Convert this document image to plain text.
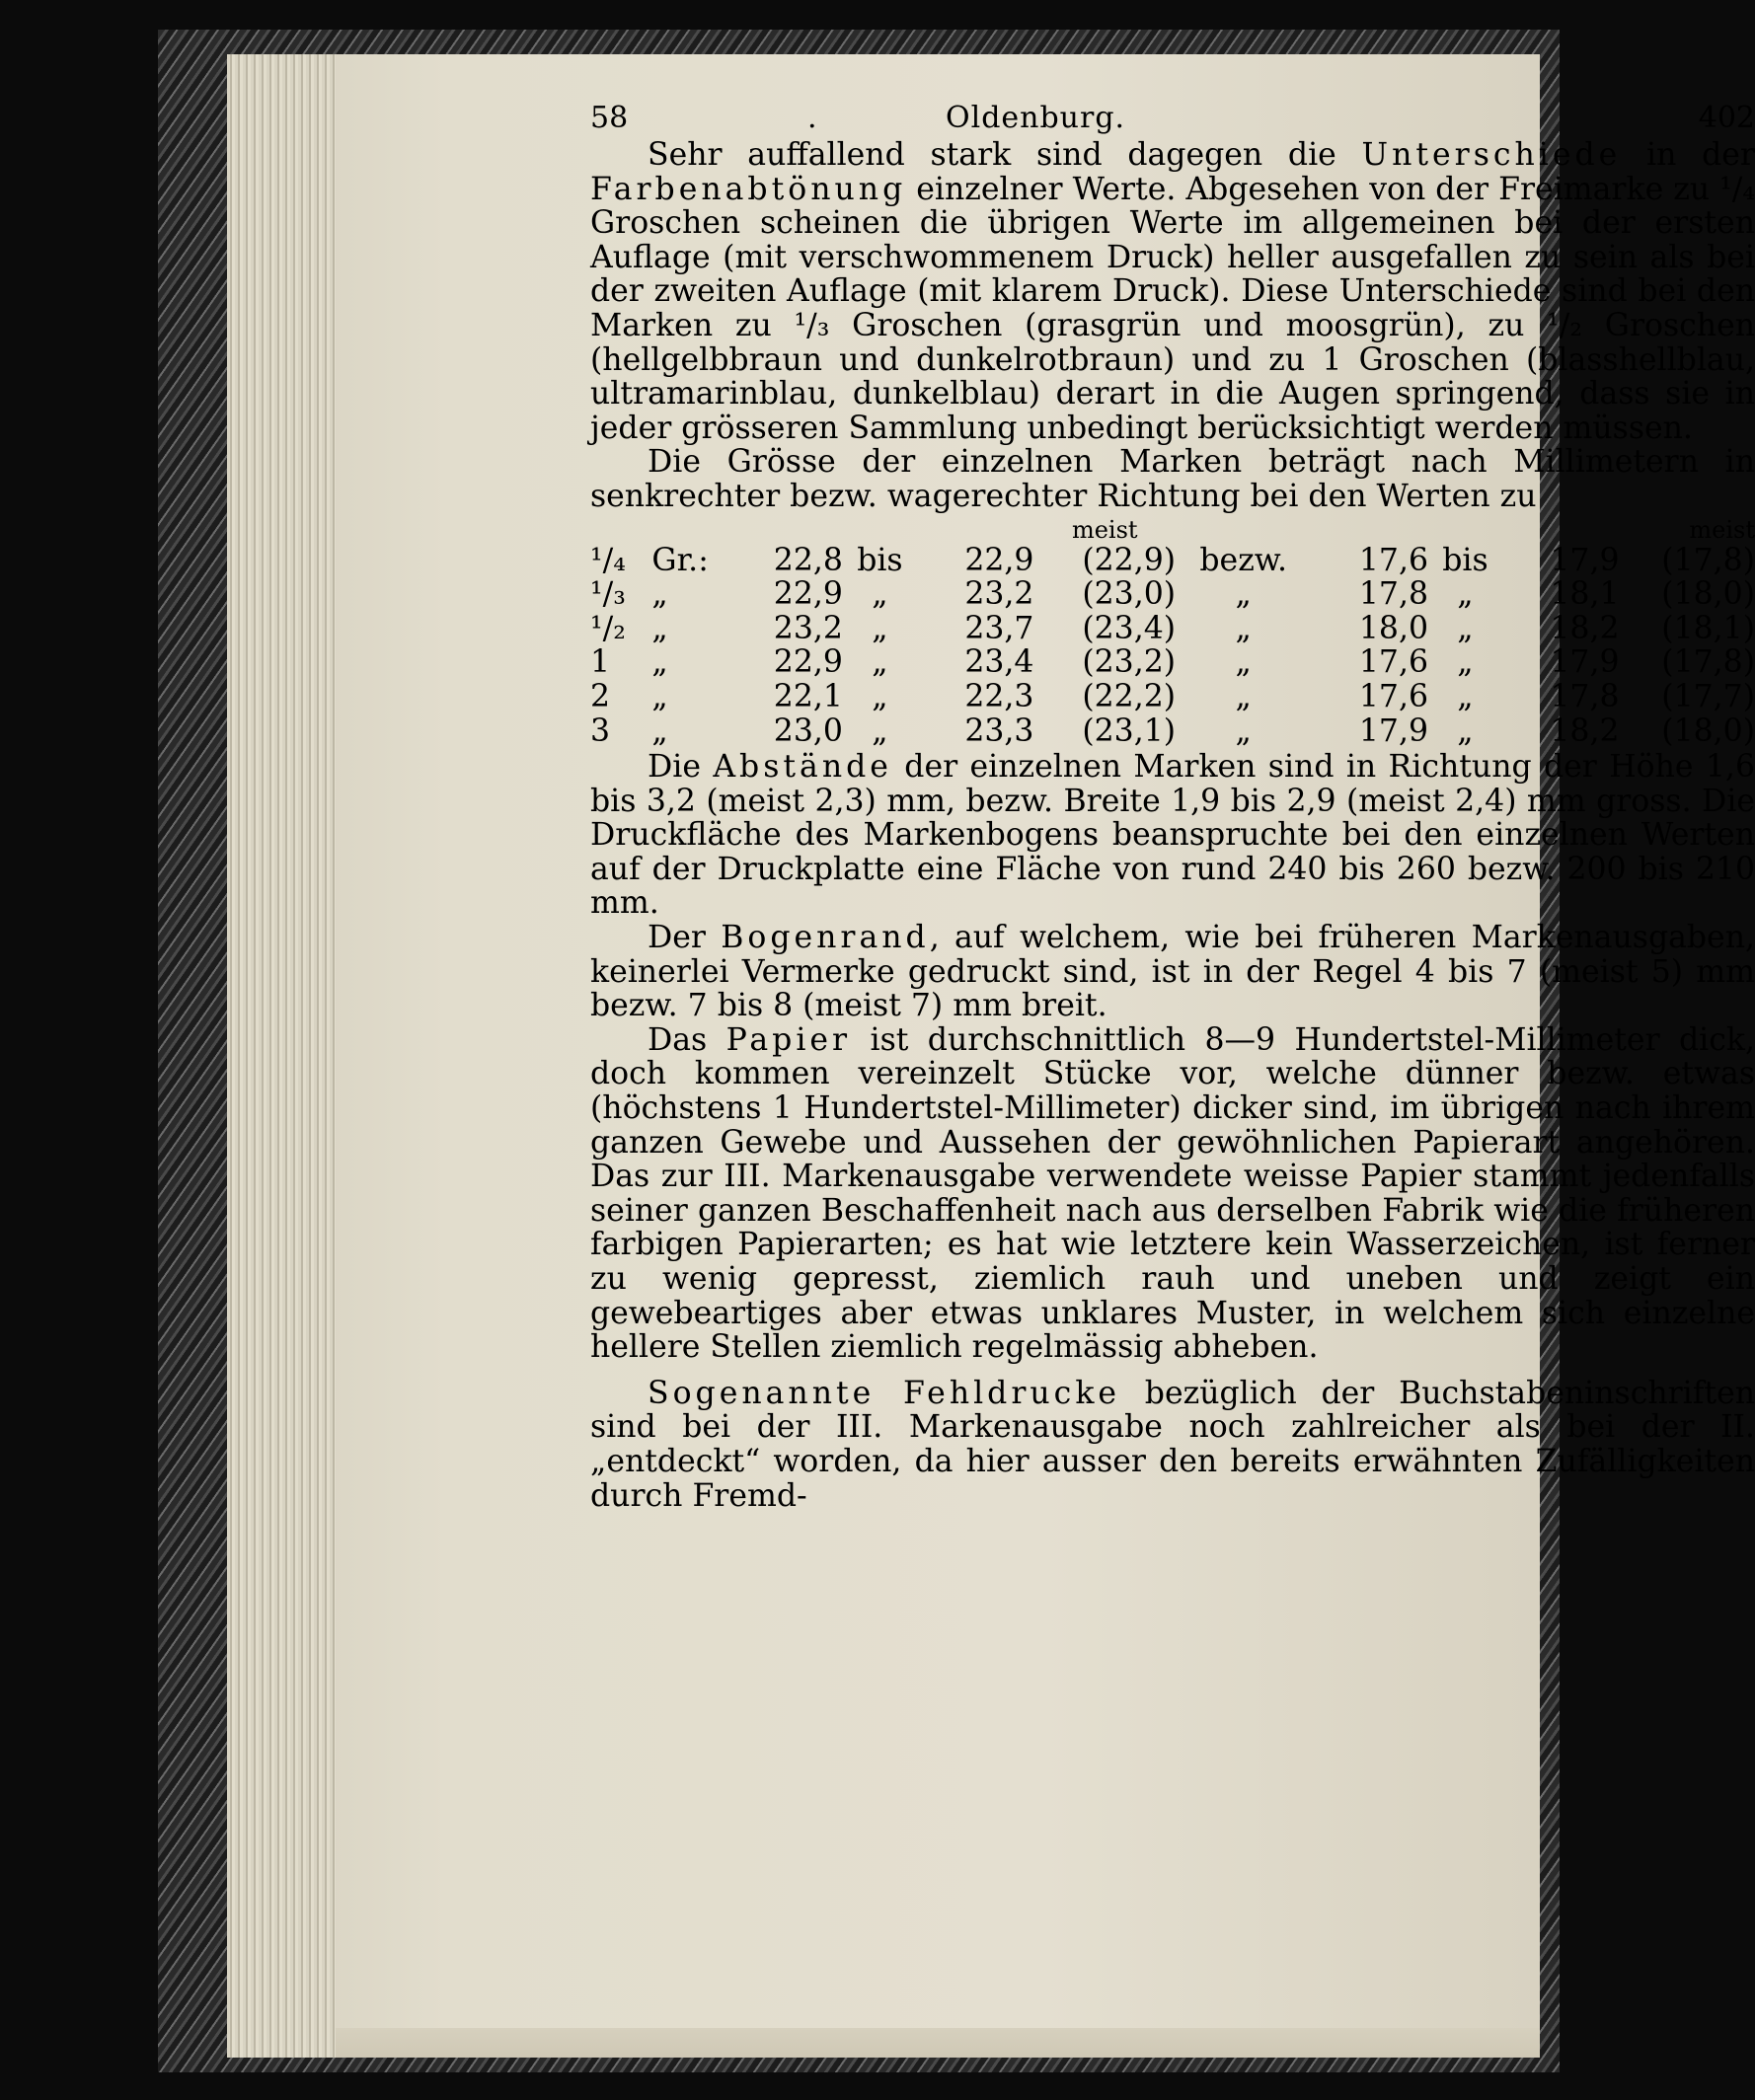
58	.	Oldenburg.	402

Sehr auffallend stark sind dagegen die Unterschiede in der Farbenabtönung einzelner Werte. Abgesehen von der Freimarke zu ¹/₄ Groschen scheinen die übrigen Werte im allgemeinen bei der ersten Auflage (mit verschwommenem Druck) heller ausgefallen zu sein als bei der zweiten Auflage (mit klarem Druck). Diese Unterschiede sind bei den Marken zu ¹/₃ Groschen (grasgrün und moosgrün), zu ¹/₂ Groschen (hellgelbbraun und dunkelrotbraun) und zu 1 Groschen (blasshellblau, ultramarinblau, dunkelblau) derart in die Augen springend, dass sie in jeder grösseren Sammlung unbedingt berücksichtigt werden müssen.

Die Grösse der einzelnen Marken beträgt nach Millimetern in senkrechter bezw. wagerechter Richtung bei den Werten zu

					meist					meist
¹/₄	Gr.:	22,8	bis	22,9	(22,9)	bezw.	17,6	bis	17,9	(17,8)
¹/₃	„	22,9	„	23,2	(23,0)	„	17,8	„	18,1	(18,0)
¹/₂	„	23,2	„	23,7	(23,4)	„	18,0	„	18,2	(18,1)
1	„	22,9	„	23,4	(23,2)	„	17,6	„	17,9	(17,8)
2	„	22,1	„	22,3	(22,2)	„	17,6	„	17,8	(17,7)
3	„	23,0	„	23,3	(23,1)	„	17,9	„	18,2	(18,0)

Die Abstände der einzelnen Marken sind in Richtung der Höhe 1,6 bis 3,2 (meist 2,3) mm, bezw. Breite 1,9 bis 2,9 (meist 2,4) mm gross. Die Druckfläche des Markenbogens beanspruchte bei den einzelnen Werten auf der Druckplatte eine Fläche von rund 240 bis 260 bezw. 200 bis 210 mm.

Der Bogenrand, auf welchem, wie bei früheren Markenausgaben, keinerlei Vermerke gedruckt sind, ist in der Regel 4 bis 7 (meist 5) mm bezw. 7 bis 8 (meist 7) mm breit.

Das Papier ist durchschnittlich 8—9 Hundertstel-Millimeter dick, doch kommen vereinzelt Stücke vor, welche dünner bezw. etwas (höchstens 1 Hundertstel-Millimeter) dicker sind, im übrigen nach ihrem ganzen Gewebe und Aussehen der gewöhnlichen Papierart angehören. Das zur III. Markenausgabe verwendete weisse Papier stammt jedenfalls seiner ganzen Beschaffenheit nach aus derselben Fabrik wie die früheren farbigen Papierarten; es hat wie letztere kein Wasserzeichen, ist ferner zu wenig gepresst, ziemlich rauh und uneben und zeigt ein gewebeartiges aber etwas unklares Muster, in welchem sich einzelne hellere Stellen ziemlich regelmässig abheben.

Sogenannte Fehldrucke bezüglich der Buchstabeninschriften sind bei der III. Markenausgabe noch zahlreicher als bei der II. „entdeckt“ worden, da hier ausser den bereits erwähnten Zufälligkeiten durch Fremd-
